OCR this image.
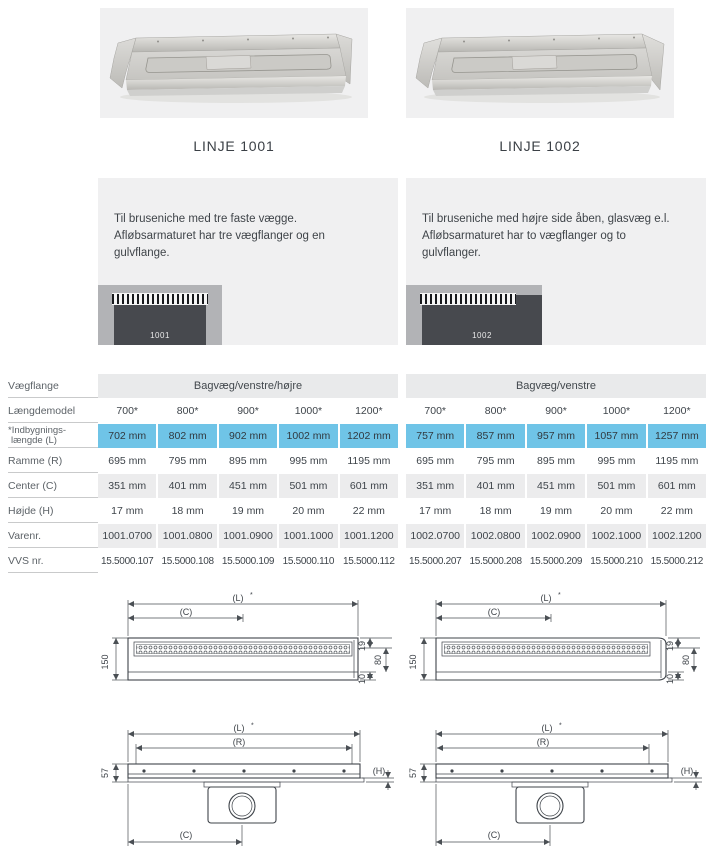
LINJE 1001	LINJE 1002
Til bruseniche med tre faste vægge.
Afløbsarmaturet har tre vægflanger og en
gulvflange.
1001
Til bruseniche med højre side åben, glasvæg e.l.
Afløbsarmaturet har to vægflanger og to
gulvflanger.
1002
Vægflange	Bagvæg/venstre/højre	Bagvæg/venstre
Længdemodel	700*	800*	900*	1000*	1200*	700*	800*	900*	1000*	1200*
*Indbygnings-
længde (L)	702 mm	802 mm	902 mm	1002 mm	1202 mm	757 mm	857 mm	957 mm	1057 mm	1257 mm
Ramme (R)	695 mm	795 mm	895 mm	995 mm	1195 mm	695 mm	795 mm	895 mm	995 mm	1195 mm
Center (C)	351 mm	401 mm	451 mm	501 mm	601 mm	351 mm	401 mm	451 mm	501 mm	601 mm
Højde (H)	17 mm	18 mm	19 mm	20 mm	22 mm	17 mm	18 mm	19 mm	20 mm	22 mm
Varenr.	1001.0700	1001.0800	1001.0900	1001.1000	1001.1200	1002.0700	1002.0800	1002.0900	1002.1000	1002.1200
VVS nr.	15.5000.107 15.5000.108 15.5000.109 15.5000.110 15.5000.112	15.5000.207 15.5000.208 15.5000.209 15.5000.210 15.5000.212
(L) *
(C)
150
19
80
10
(L) *
(C)
150
19
80
10
(L) *
(R)
57	(H)
(C)
(L) *
(R)
57	(H)
(C)
